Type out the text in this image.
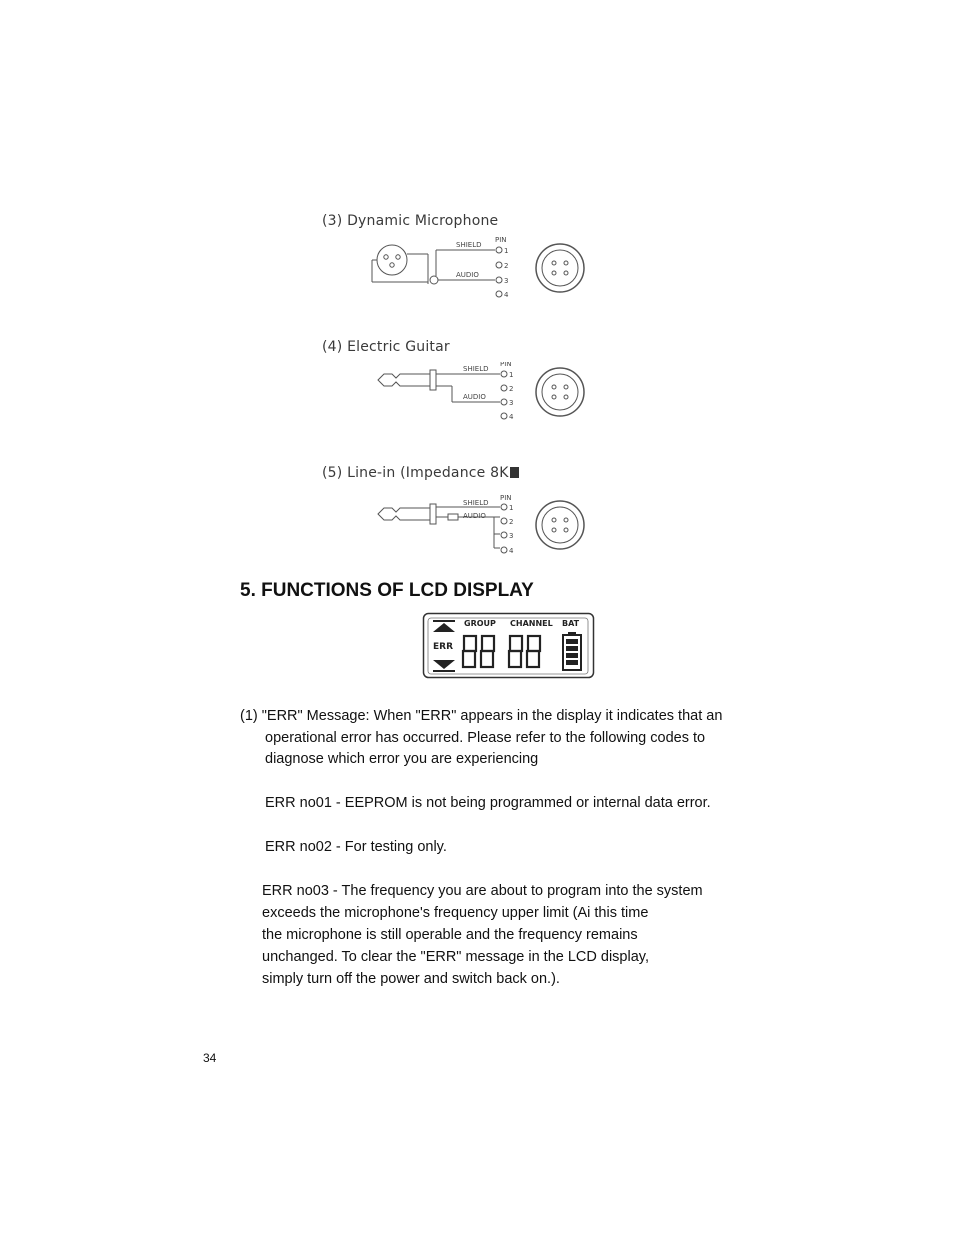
(3) Dynamic Microphone
SHIELD
AUDIO
PIN
1
2
3
4
(4) Electric Guitar
SHIELD
AUDIO
PIN
1
2
3
4
(5) Line-in (Impedance 8K
SHIELD
AUDIO
PIN
1
2
3
4
5. FUNCTIONS OF LCD DISPLAY
ERR
GROUP CHANNEL BAT
(1) "ERR" Message: When "ERR" appears in the display it indicates that an
operational error has occurred. Please refer to the following codes to
diagnose which error you are experiencing
ERR no01 - EEPROM is not being programmed or internal data error.
ERR no02 - For testing only.
ERR no03 - The frequency you are about to program into the system
exceeds the microphone's frequency upper limit (Ai this time
the microphone is still operable and the frequency remains
unchanged. To clear the "ERR" message in the LCD display,
simply turn off the power and switch back on.).
34
